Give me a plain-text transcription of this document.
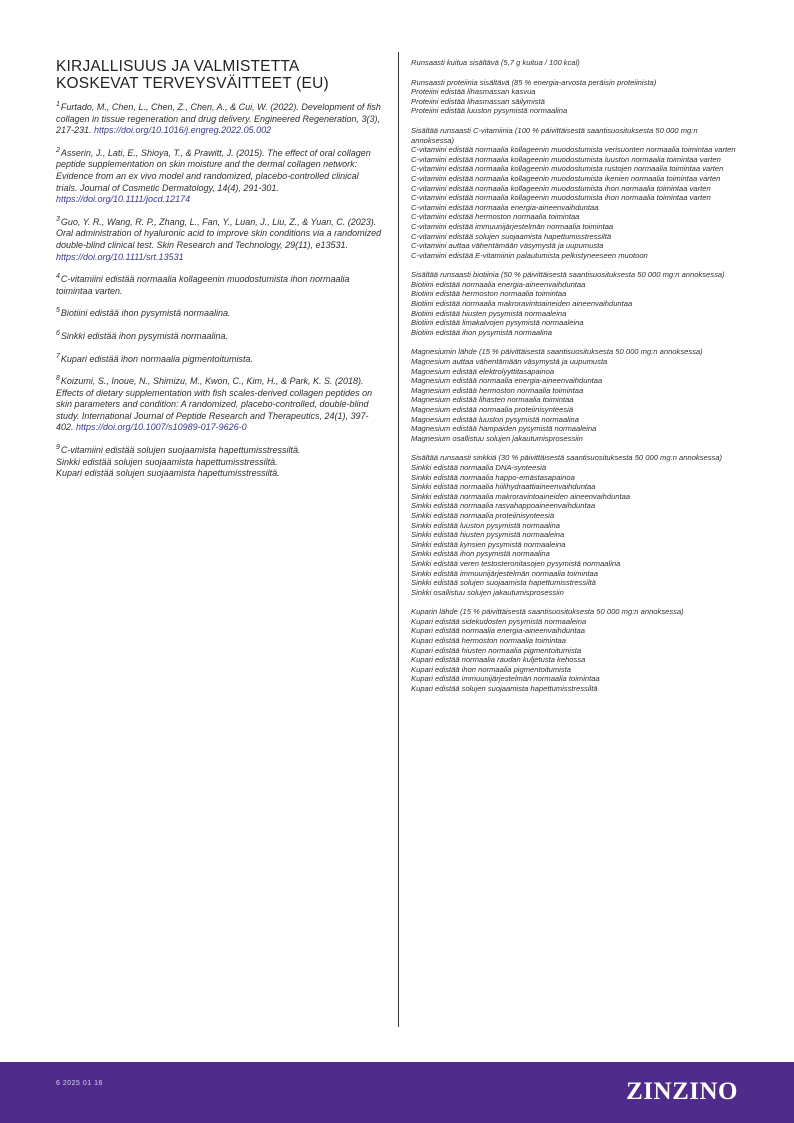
KIRJALLISUUS JA VALMISTETTA KOSKEVAT TERVEYSVÄITTEET (EU)

$^1$Furtado, M., Chen, L., Chen, Z., Chen, A., & Cui, W. (2022). Development of fish collagen in tissue regeneration and drug delivery. Engineered Regeneration, 3(3), 217-231. https://doi.org/10.1016/j.engreg.2022.05.002

$^2$Asserin, J., Lati, E., Shioya, T., & Prawitt, J. (2015). The effect of oral collagen peptide supplementation on skin moisture and the dermal collagen network: Evidence from an ex vivo model and randomized, placebo-controlled clinical trials. Journal of Cosmetic Dermatology, 14(4), 291-301. https://doi.org/10.1111/jocd.12174

$^3$Guo, Y. R., Wang, R. P., Zhang, L., Fan, Y., Luan, J., Liu, Z., & Yuan, C. (2023). Oral administration of hyaluronic acid to improve skin conditions via a randomized double-blind clinical test. Skin Research and Technology, 29(11), e13531. https://doi.org/10.1111/srt.13531

$^4$C-vitamiini edistää normaalia kollageenin muodostumista ihon normaalia toimintaa varten.

$^5$Biotiini edistää ihon pysymistä normaalina.

$^6$Sinkki edistää ihon pysymistä normaalina.

$^7$Kupari edistää ihon normaalia pigmentoitumista.

$^8$Koizumi, S., Inoue, N., Shimizu, M., Kwon, C., Kim, H., & Park, K. S. (2018). Effects of dietary supplementation with fish scales-derived collagen peptides on skin parameters and condition: A randomized, placebo-controlled, double-blind study. International Journal of Peptide Research and Therapeutics, 24(1), 397-402. https://doi.org/10.1007/s10989-017-9626-0

$^9$C-vitamiini edistää solujen suojaamista hapettumisstressiltä.
Sinkki edistää solujen suojaamista hapettumisstressiltä.
Kupari edistää solujen suojaamista hapettumisstressiltä.

Runsaasti kuitua sisältävä (5,7 g kuitua / 100 kcal)
Runsaasti proteiinia sisältävä (85 % energia-arvosta peräisin proteiinista)
Proteiini edistää lihasmassan kasvua
Proteiini edistää lihasmassan säilymistä
Proteiini edistää luuston pysymistä normaalina
Sisältää runsaasti C-vitamiinia (100 % päivittäisestä saantisuosituksesta 50 000 mg:n annoksessa)
C-vitamiini edistää normaalia kollageenin muodostumista verisuonten normaalia toimintaa varten
C-vitamiini edistää normaalia kollageenin muodostumista luuston normaalia toimintaa varten
C-vitamiini edistää normaalia kollageenin muodostumista rustojen normaalia toimintaa varten
C-vitamiini edistää normaalia kollageenin muodostumista ikenien normaalia toimintaa varten
C-vitamiini edistää normaalia kollageenin muodostumista ihon normaalia toimintaa varten
C-vitamiini edistää normaalia kollageenin muodostumista ihon normaalia toimintaa varten
C-vitamiini edistää normaalia energia-aineenvaihduntaa
C-vitamiini edistää hermoston normaalia toimintaa
C-vitamiini edistää immuunijärjestelmän normaalia toimintaa
C-vitamiini edistää solujen suojaamista hapettumisstressiltä
C-vitamiini auttaa vähentämään väsymystä ja uupumusta
C-vitamiini edistää E-vitamiinin palautumista pelkistyneeseen muotoon
Sisältää runsaasti biotiinia (50 % päivittäisestä saantisuosituksesta 50 000 mg:n annoksessa)
Biotiini edistää normaalia energia-aineenvaihduntaa
Biotiini edistää hermoston normaalia toimintaa
Biotiini edistää normaalia makroravintoaineiden aineenvaihduntaa
Biotiini edistää hiusten pysymistä normaaleina
Biotiini edistää limakalvojen pysymistä normaaleina
Biotiini edistää ihon pysymistä normaalina
Magnesiumin lähde (15 % päivittäisestä saantisuosituksesta 50 000 mg:n annoksessa)
Magnesium auttaa vähentämään väsymystä ja uupumusta
Magnesium edistää elektrolyyttitasapainoa
Magnesium edistää normaalia energia-aineenvaihduntaa
Magnesium edistää hermoston normaalia toimintaa
Magnesium edistää lihasten normaalia toimintaa
Magnesium edistää normaalia proteiinisynteesiä
Magnesium edistää luuston pysymistä normaalina
Magnesium edistää hampaiden pysymistä normaaleina
Magnesium osallistuu solujen jakautumisprosessiin
Sisältää runsaasti sinkkiä (30 % päivittäisestä saantisuosituksesta 50 000 mg:n annoksessa)
Sinkki edistää normaalia DNA-synteesiä
Sinkki edistää normaalia happo-emästasapainoa
Sinkki edistää normaalia hiilihydraattiaineenvaihduntaa
Sinkki edistää normaalia makroravintoaineiden aineenvaihduntaa
Sinkki edistää normaalia rasvahappoaineenvaihduntaa
Sinkki edistää normaalia proteiinisynteesiä
Sinkki edistää luuston pysymistä normaalina
Sinkki edistää hiusten pysymistä normaaleina
Sinkki edistää kynsien pysymistä normaaleina
Sinkki edistää ihon pysymistä normaalina
Sinkki edistää veren testosteronitasojen pysymistä normaalina
Sinkki edistää immuunijärjestelmän normaalia toimintaa
Sinkki edistää solujen suojaamista hapettumisstressiltä
Sinkki osallistuu solujen jakautumisprosessiin
Kuparin lähde (15 % päivittäisestä saantisuosituksesta 50 000 mg:n annoksessa)
Kupari edistää sidekudosten pysymistä normaaleina
Kupari edistää normaalia energia-aineenvaihduntaa
Kupari edistää hermoston normaalia toimintaa
Kupari edistää hiusten normaalia pigmentoitumista
Kupari edistää normaalia raudan kuljetusta kehossa
Kupari edistää ihon normaalia pigmentoitumista
Kupari edistää immuunijärjestelmän normaalia toimintaa
Kupari edistää solujen suojaamista hapettumisstressiltä
6 2025 01 16	ZINZINO
